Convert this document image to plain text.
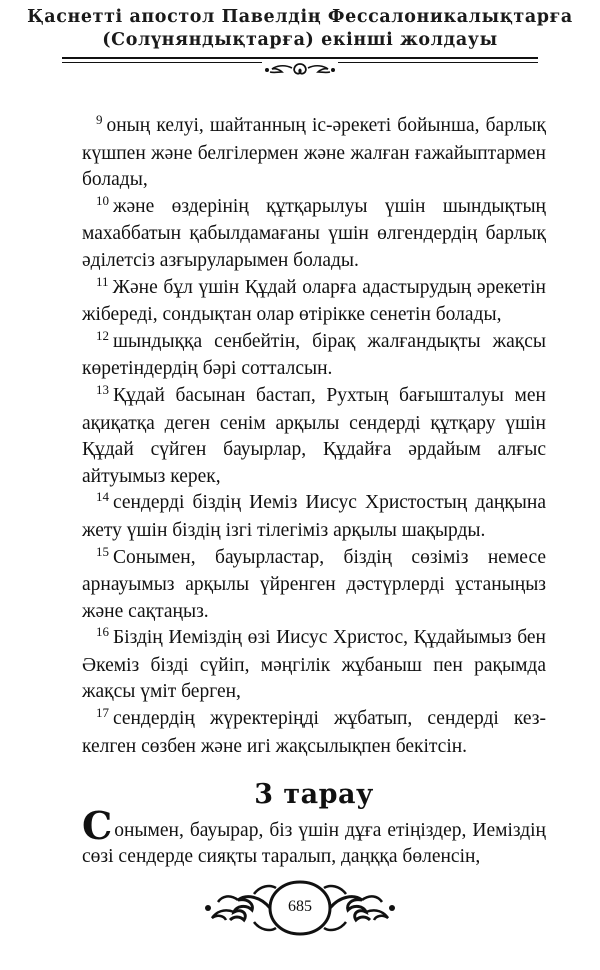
Қаснетті апостол Павелдің Фессалоникалықтарға
(Солүняндықтарға) екінші жолдауы

$^9$ оның келуі, шайтанның іс-әрекеті бойынша, барлық күшпен және белгілермен және жалған ғажайыптармен болады,

$^{10}$ және өздерінің құтқарылуы үшін шындықтың махаббатын қабылдамағаны үшін өлгендердің барлық әділетсіз азғыруларымен болады.

$^{11}$ Және бұл үшін Құдай оларға адастырудың әрекетін жібереді, сондықтан олар өтірікке сенетін болады,

$^{12}$ шындыққа сенбейтін, бірақ жалғандықты жақсы көретіндердің бәрі сотталсын.

$^{13}$ Құдай басынан бастап, Рухтың бағышталуы мен ақиқатқа деген сенім арқылы сендерді құтқару үшін Құдай сүйген бауырлар, Құдайға әрдайым алғыс айтуымыз керек,

$^{14}$ сендерді біздің Иеміз Иисус Христостың даңқына жету үшін біздің ізгі тілегіміз арқылы шақырды.

$^{15}$ Сонымен, бауырластар, біздің сөзіміз немесе арнауымыз арқылы үйренген дәстүрлерді ұстаныңыз және сақтаңыз.

$^{16}$ Біздің Иеміздің өзі Иисус Христос, Құдайымыз бен Әкеміз бізді сүйіп, мәңгілік жұбаныш пен рақымда жақсы үміт берген,

$^{17}$ сендердің жүректеріңді жұбатып, сендерді кез-келген сөзбен және игі жақсылықпен бекітсін.

3 тарау

Сонымен, бауырар, біз үшін дұға етіңіздер, Иеміздің сөзі сендерде сияқты таралып, даңққа бөленсін,

685
